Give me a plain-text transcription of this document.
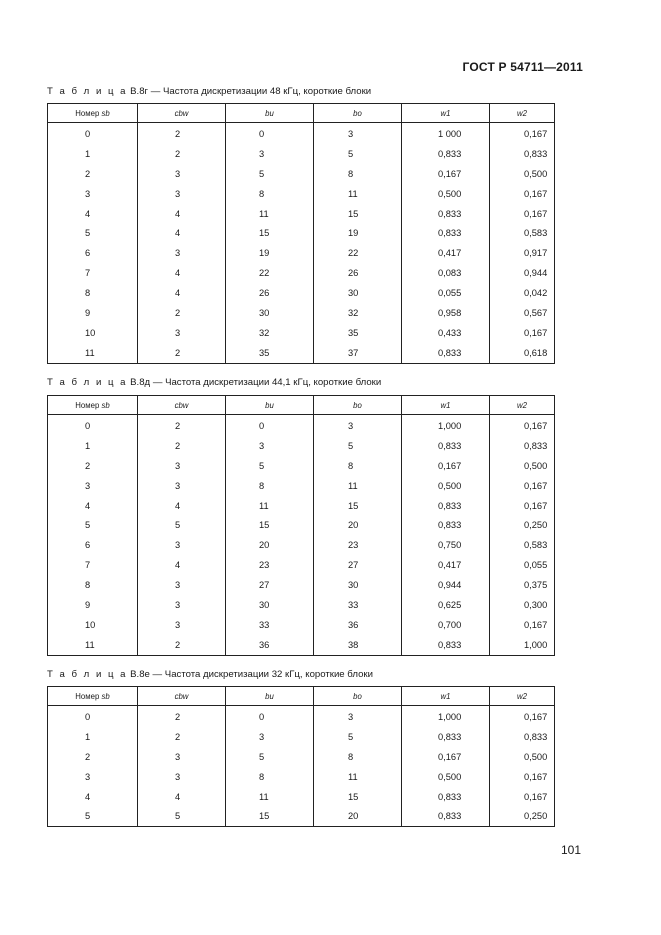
ГОСТ Р 54711—2011
Т а б л и ц а В.8г — Частота дискретизации 48 кГц, короткие блоки
Номер sb	cbw	bu	bo	w1	w2
0	2	0	3	1 000	0,167
1	2	3	5	0,833	0,833
2	3	5	8	0,167	0,500
3	3	8	11	0,500	0,167
4	4	11	15	0,833	0,167
5	4	15	19	0,833	0,583
6	3	19	22	0,417	0,917
7	4	22	26	0,083	0,944
8	4	26	30	0,055	0,042
9	2	30	32	0,958	0,567
10	3	32	35	0,433	0,167
11	2	35	37	0,833	0,618
Т а б л и ц а В.8д — Частота дискретизации 44,1 кГц, короткие блоки
Номер sb	cbw	bu	bo	w1	w2
0	2	0	3	1,000	0,167
1	2	3	5	0,833	0,833
2	3	5	8	0,167	0,500
3	3	8	11	0,500	0,167
4	4	11	15	0,833	0,167
5	5	15	20	0,833	0,250
6	3	20	23	0,750	0,583
7	4	23	27	0,417	0,055
8	3	27	30	0,944	0,375
9	3	30	33	0,625	0,300
10	3	33	36	0,700	0,167
11	2	36	38	0,833	1,000
Т а б л и ц а В.8е — Частота дискретизации 32 кГц, короткие блоки
Номер sb	cbw	bu	bo	w1	w2
0	2	0	3	1,000	0,167
1	2	3	5	0,833	0,833
2	3	5	8	0,167	0,500
3	3	8	11	0,500	0,167
4	4	11	15	0,833	0,167
5	5	15	20	0,833	0,250
101
